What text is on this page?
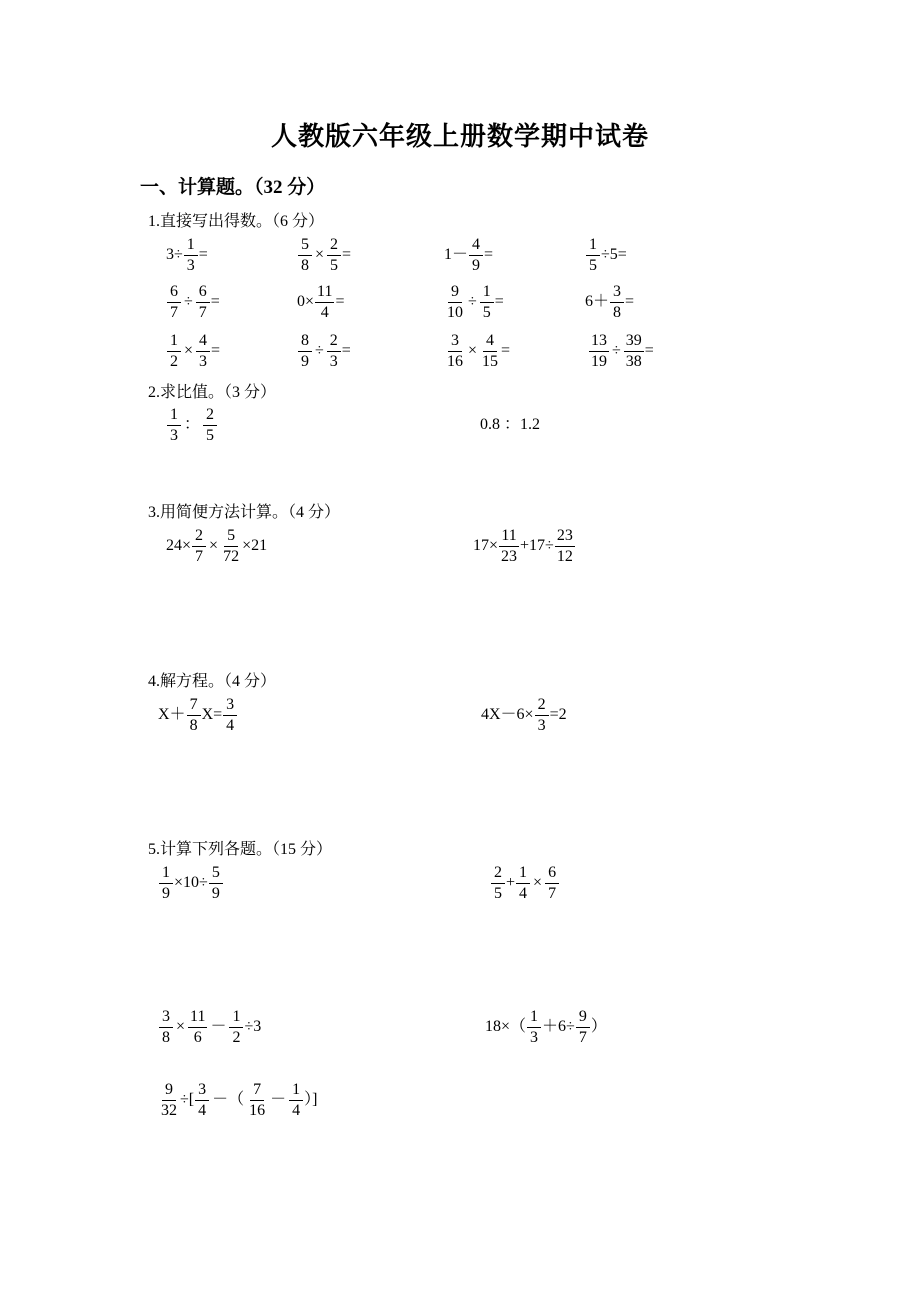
人教版六年级上册数学期中试卷
一、计算题。（32 分）
1.直接写出得数。（6 分）
$3\div \frac{1}{3}$ =	$\frac{5}{8} \times \frac{2}{5}$ =	$1- \frac{4}{9}$ =	$\frac{1}{5} \div 5=$
$\frac{6}{7} \div \frac{6}{7}$ =	$0\times \frac{11}{4}$ =	$\frac{9}{10} \div \frac{1}{5}$ =	$6+ \frac{3}{8}$ =
$\frac{1}{2} \times \frac{4}{3}$ =	$\frac{8}{9} \div \frac{2}{3}$ =	$\frac{3}{16} \times \frac{4}{15}$ =	$\frac{13}{19} \div \frac{39}{38}$ =
2.求比值。（3 分）
$\frac{1}{3}$ ： $\frac{2}{5}$	0.8 ：1.2
3.用简便方法计算。（4 分）
$24\times \frac{2}{7} \times \frac{5}{72} \times 21$	$17\times \frac{11}{23} +17\div \frac{23}{12}$
4.解方程。（4 分）
$X+ \frac{7}{8} X= \frac{3}{4}$	$4X-6\times \frac{2}{3} =2$
5.计算下列各题。（15 分）
$\frac{1}{9} \times 10\div \frac{5}{9}$	$\frac{2}{5} + \frac{1}{4} \times \frac{6}{7}$
$\frac{3}{8} \times \frac{11}{6} - \frac{1}{2} \div 3$	$18\times( \frac{1}{3} +6\div \frac{9}{7}$ ）
$\frac{9}{32}$ ÷[ $\frac{3}{4}$ －（ $\frac{7}{16} - \frac{1}{4}$ ）]
